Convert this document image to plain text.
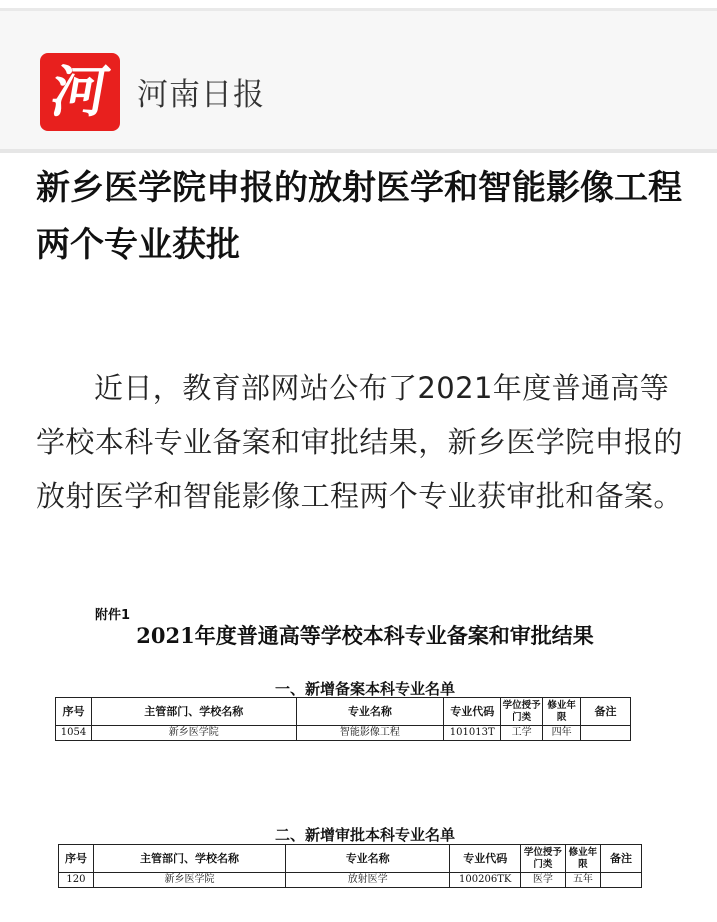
河 河南日报
新乡医学院申报的放射医学和智能影像工程两个专业获批

近日，教育部网站公布了2021年度普通高等学校本科专业备案和审批结果，新乡医学院申报的放射医学和智能影像工程两个专业获审批和备案。

附件1
2021年度普通高等学校本科专业备案和审批结果
一、新增备案本科专业名单
序号	主管部门、学校名称	专业名称	专业代码	学位授予门类	修业年限	备注
1054	新乡医学院	智能影像工程	101013T	工学	四年	
二、新增审批本科专业名单
序号	主管部门、学校名称	专业名称	专业代码	学位授予门类	修业年限	备注
120	新乡医学院	放射医学	100206TK	医学	五年	
